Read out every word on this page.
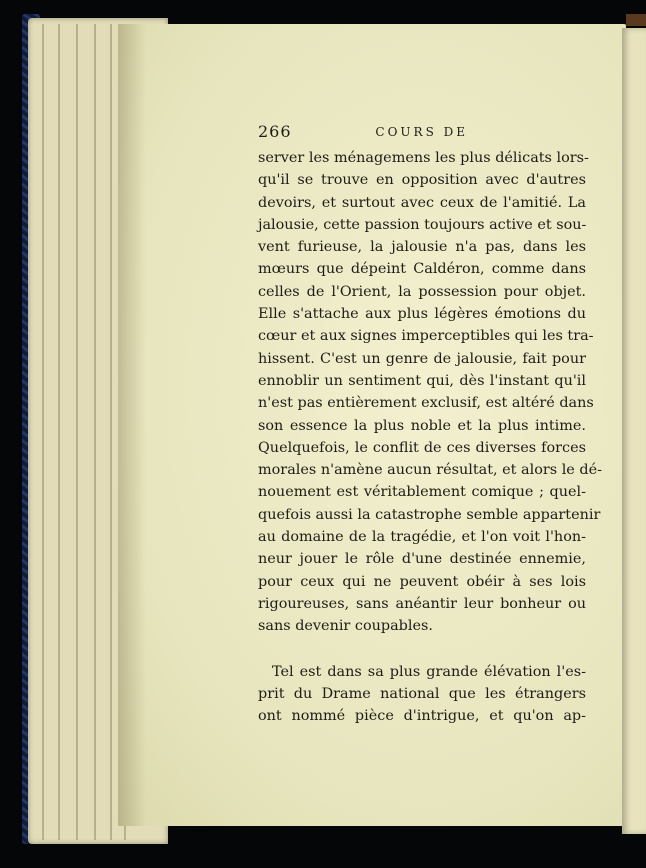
266	COURS DE
server les ménagemens les plus délicats lors-
qu'il se trouve en opposition avec d'autres
devoirs, et surtout avec ceux de l'amitié. La
jalousie, cette passion toujours active et sou-
vent furieuse, la jalousie n'a pas, dans les
mœurs que dépeint Caldéron, comme dans
celles de l'Orient, la possession pour objet.
Elle s'attache aux plus légères émotions du
cœur et aux signes imperceptibles qui les tra-
hissent. C'est un genre de jalousie, fait pour
ennoblir un sentiment qui, dès l'instant qu'il
n'est pas entièrement exclusif, est altéré dans
son essence la plus noble et la plus intime.
Quelquefois, le conflit de ces diverses forces
morales n'amène aucun résultat, et alors le dé-
nouement est véritablement comique ; quel-
quefois aussi la catastrophe semble appartenir
au domaine de la tragédie, et l'on voit l'hon-
neur jouer le rôle d'une destinée ennemie,
pour ceux qui ne peuvent obéir à ses lois
rigoureuses, sans anéantir leur bonheur ou
sans devenir coupables.
Tel est dans sa plus grande élévation l'es-
prit du Drame national que les étrangers
ont nommé pièce d'intrigue, et qu'on ap-
